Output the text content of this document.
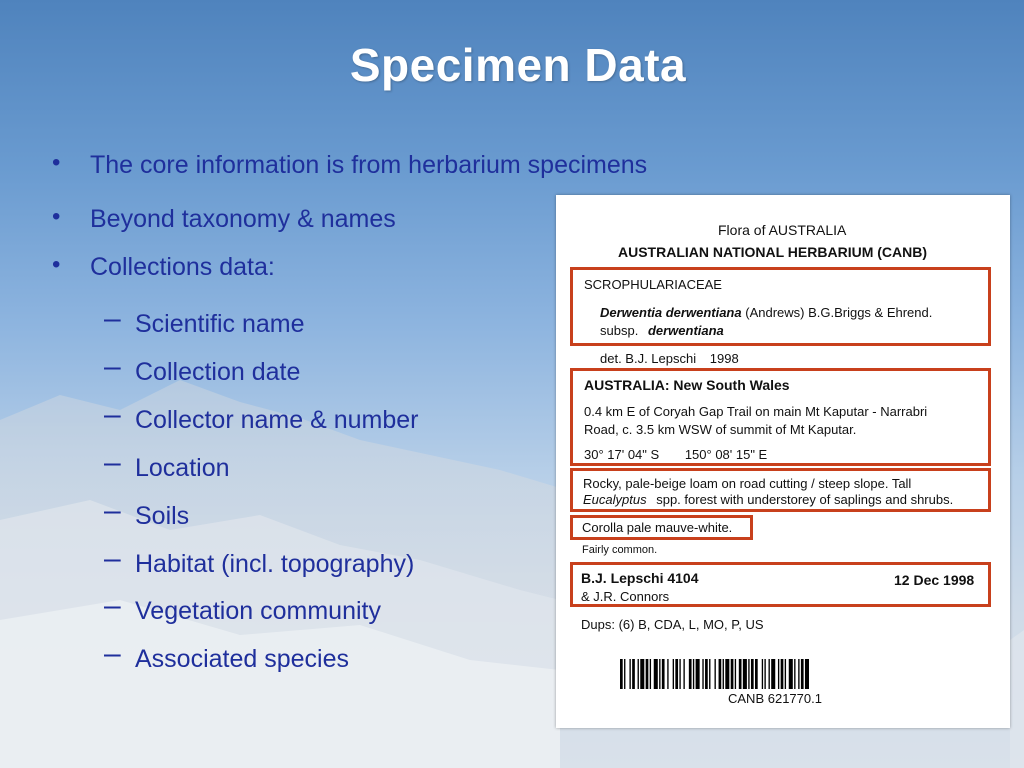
Specimen Data
• The core information is from herbarium specimens
• Beyond taxonomy & names
• Collections data:
– Scientific name
– Collection date
– Collector name & number
– Location
– Soils
– Habitat (incl. topography)
– Vegetation community
– Associated species
Flora of AUSTRALIA
AUSTRALIAN NATIONAL HERBARIUM (CANB)
SCROPHULARIACEAE
Derwentia derwentiana (Andrews) B.G.Briggs & Ehrend.
subsp. derwentiana
det. B.J. Lepschi 1998
AUSTRALIA: New South Wales
0.4 km E of Coryah Gap Trail on main Mt Kaputar - Narrabri
Road, c. 3.5 km WSW of summit of Mt Kaputar.
30° 17' 04" S 150° 08' 15" E
Rocky, pale-beige loam on road cutting / steep slope. Tall
Eucalyptus spp. forest with understorey of saplings and shrubs.
Corolla pale mauve-white.
Fairly common.
B.J. Lepschi 4104	12 Dec 1998
& J.R. Connors
Dups: (6) B, CDA, L, MO, P, US
CANB 621770.1
